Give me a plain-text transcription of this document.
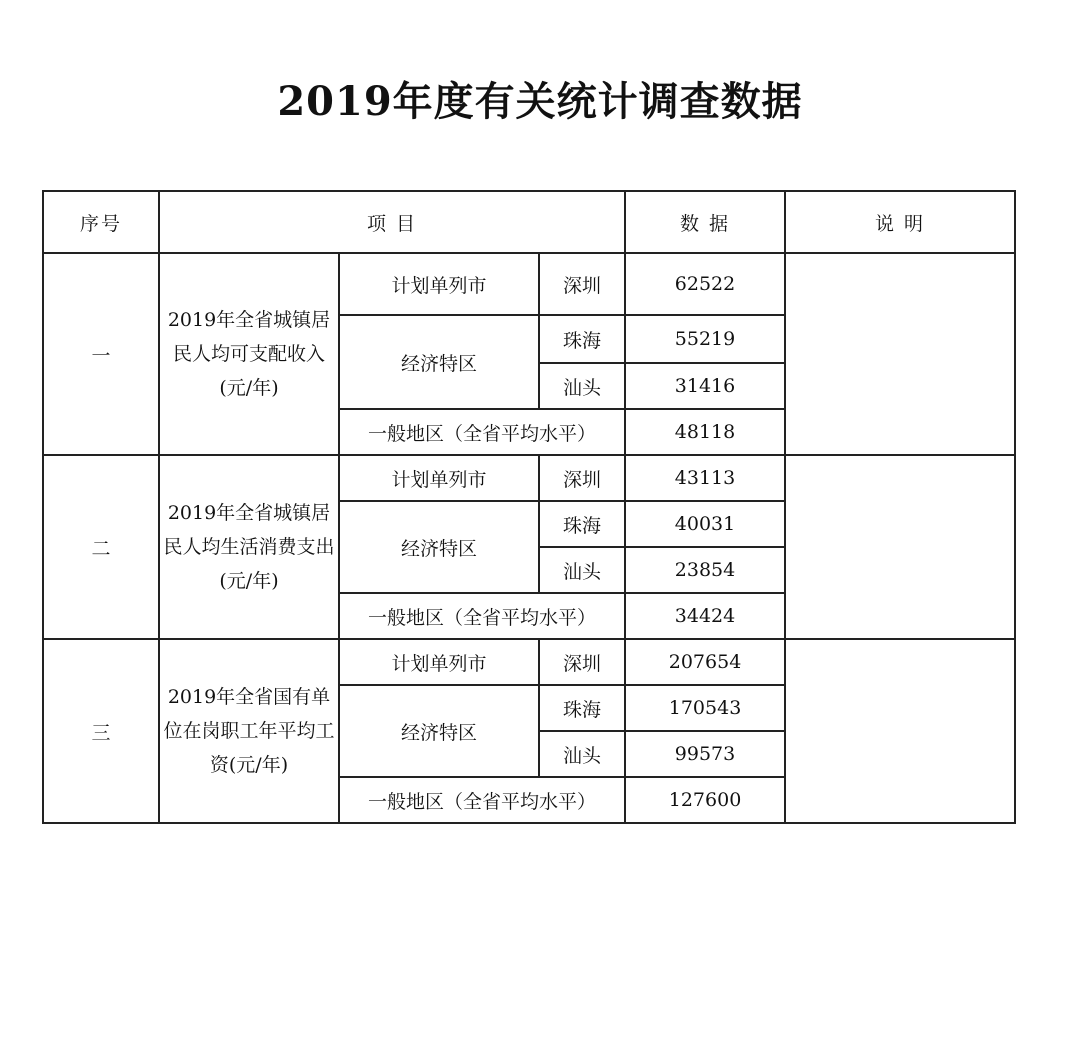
2019年度有关统计调查数据
序号	项 目			数 据	说 明
一	2019年全省城镇居民人均可支配收入(元/年)	计划单列市	深圳	62522	
		经济特区	珠海	55219	
			汕头	31416	
		一般地区（全省平均水平）		48118	
二	2019年全省城镇居民人均生活消费支出(元/年)	计划单列市	深圳	43113	
		经济特区	珠海	40031	
			汕头	23854	
		一般地区（全省平均水平）		34424	
三	2019年全省国有单位在岗职工年平均工资(元/年)	计划单列市	深圳	207654	
		经济特区	珠海	170543	
			汕头	99573	
		一般地区（全省平均水平）		127600	
